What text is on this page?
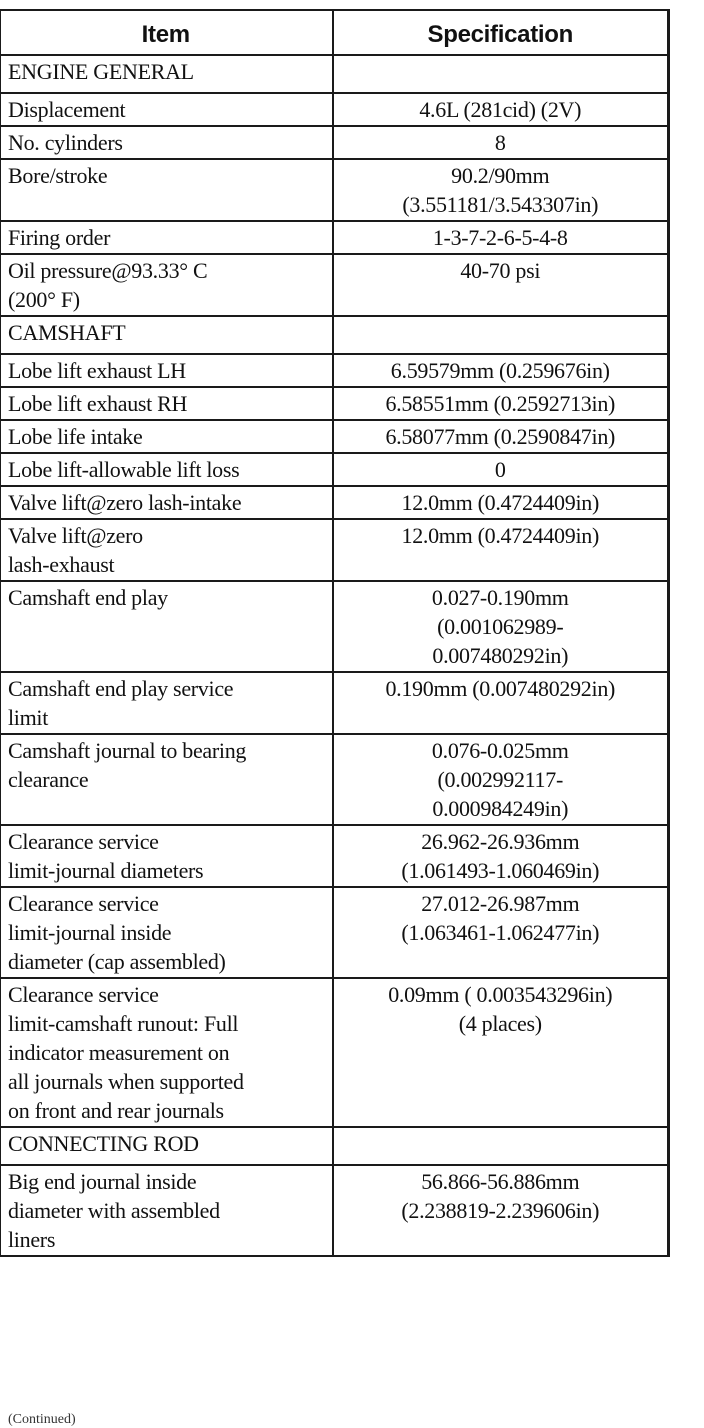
Item	Specification
ENGINE GENERAL	
Displacement	4.6L (281cid) (2V)
No. cylinders	8
Bore/stroke	90.2/90mm
(3.551181/3.543307in)
Firing order	1-3-7-2-6-5-4-8
Oil pressure@93.33° C
(200° F)	40-70 psi
CAMSHAFT	
Lobe lift exhaust LH	6.59579mm (0.259676in)
Lobe lift exhaust RH	6.58551mm (0.2592713in)
Lobe life intake	6.58077mm (0.2590847in)
Lobe lift-allowable lift loss	0
Valve lift@zero lash-intake	12.0mm (0.4724409in)
Valve lift@zero
lash-exhaust	12.0mm (0.4724409in)
Camshaft end play	0.027-0.190mm
(0.001062989-
0.007480292in)
Camshaft end play service
limit	0.190mm (0.007480292in)
Camshaft journal to bearing
clearance	0.076-0.025mm
(0.002992117-
0.000984249in)
Clearance service
limit-journal diameters	26.962-26.936mm
(1.061493-1.060469in)
Clearance service
limit-journal inside
diameter (cap assembled)	27.012-26.987mm
(1.063461-1.062477in)
Clearance service
limit-camshaft runout: Full
indicator measurement on
all journals when supported
on front and rear journals	0.09mm ( 0.003543296in)
(4 places)
CONNECTING ROD	
Big end journal inside
diameter with assembled
liners	56.866-56.886mm
(2.238819-2.239606in)
(Continued)
